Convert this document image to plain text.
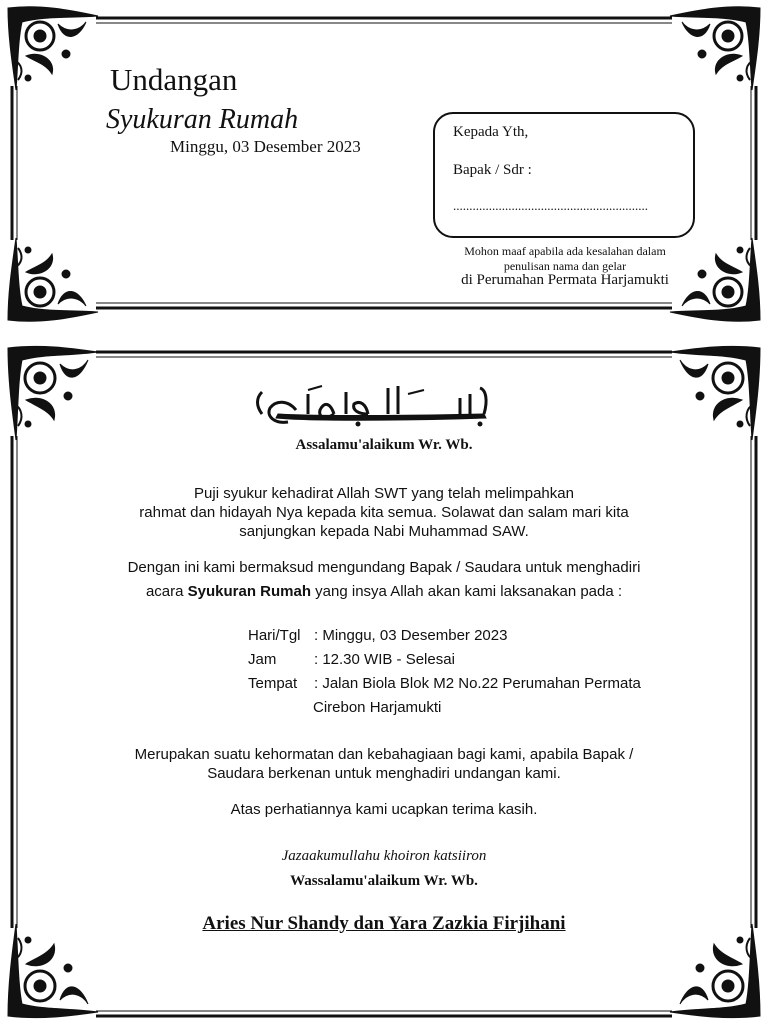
Undangan
Syukuran Rumah
Minggu, 03 Desember 2023
Kepada Yth,
Bapak / Sdr :
............................................................
Mohon maaf apabila ada kesalahan dalam
penulisan nama dan gelar
di Perumahan Permata Harjamukti
Assalamu'alaikum Wr. Wb.
Puji syukur kehadirat Allah SWT yang telah melimpahkan
rahmat dan hidayah Nya kepada kita semua. Solawat dan salam mari kita
sanjungkan kepada Nabi Muhammad SAW.
Dengan ini kami bermaksud mengundang Bapak / Saudara untuk menghadiri
acara Syukuran Rumah yang insya Allah akan kami laksanakan pada :
Hari/Tgl : Minggu, 03 Desember 2023
Jam	: 12.30 WIB - Selesai
Tempat : Jalan Biola Blok M2 No.22 Perumahan Permata
Cirebon Harjamukti
Merupakan suatu kehormatan dan kebahagiaan bagi kami, apabila Bapak /
Saudara berkenan untuk menghadiri undangan kami.
Atas perhatiannya kami ucapkan terima kasih.
Jazaakumullahu khoiron katsiiron
Wassalamu'alaikum Wr. Wb.
Aries Nur Shandy dan Yara Zazkia Firjihani
